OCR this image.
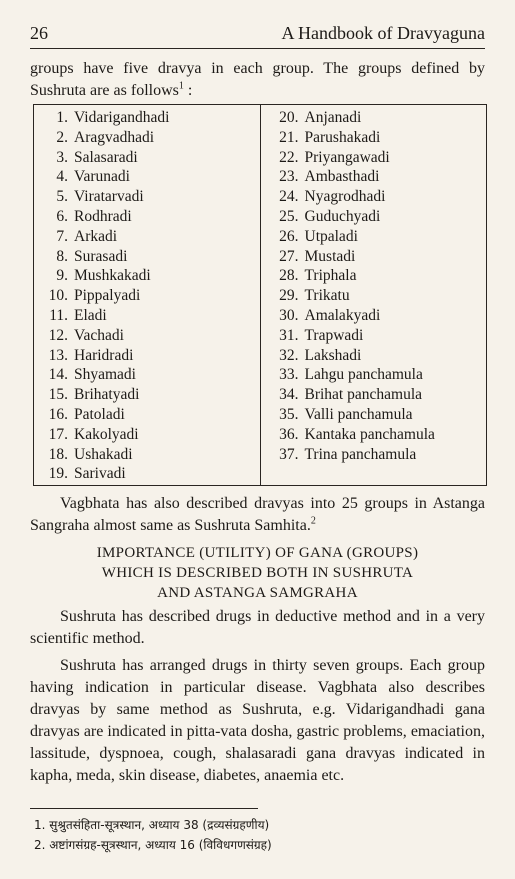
26	A Handbook of Dravyaguna
groups have five dravya in each group. The groups defined by Sushruta are as follows$^1$ :
1. Vidarigandhadi
2. Aragvadhadi
3. Salasaradi
4. Varunadi
5. Viratarvadi
6. Rodhradi
7. Arkadi
8. Surasadi
9. Mushkakadi
10. Pippalyadi
11. Eladi
12. Vachadi
13. Haridradi
14. Shyamadi
15. Brihatyadi
16. Patoladi
17. Kakolyadi
18. Ushakadi
19. Sarivadi
20. Anjanadi
21. Parushakadi
22. Priyangawadi
23. Ambasthadi
24. Nyagrodhadi
25. Guduchyadi
26. Utpaladi
27. Mustadi
28. Triphala
29. Trikatu
30. Amalakyadi
31. Trapwadi
32. Lakshadi
33. Lahgu panchamula
34. Brihat panchamula
35. Valli panchamula
36. Kantaka panchamula
37. Trina panchamula
Vagbhata has also described dravyas into 25 groups in Astanga Sangraha almost same as Sushruta Samhita.$^2$
IMPORTANCE (UTILITY) OF GANA (GROUPS)
WHICH IS DESCRIBED BOTH IN SUSHRUTA
AND ASTANGA SAMGRAHA
Sushruta has described drugs in deductive method and in a very scientific method.
Sushruta has arranged drugs in thirty seven groups. Each group having indication in particular disease. Vagbhata also describes dravyas by same method as Sushruta, e.g. Vidarigandhadi gana dravyas are indicated in pitta-vata dosha, gastric problems, emaciation, lassitude, dyspnoea, cough, shalasaradi gana dravyas indicated in kapha, meda, skin disease, diabetes, anaemia etc.
1. सुश्रुतसंहिता-सूत्रस्थान, अध्याय 38 (द्रव्यसंग्रहणीय)
2. अष्टांगसंग्रह-सूत्रस्थान, अध्याय 16 (विविधगणसंग्रह)
